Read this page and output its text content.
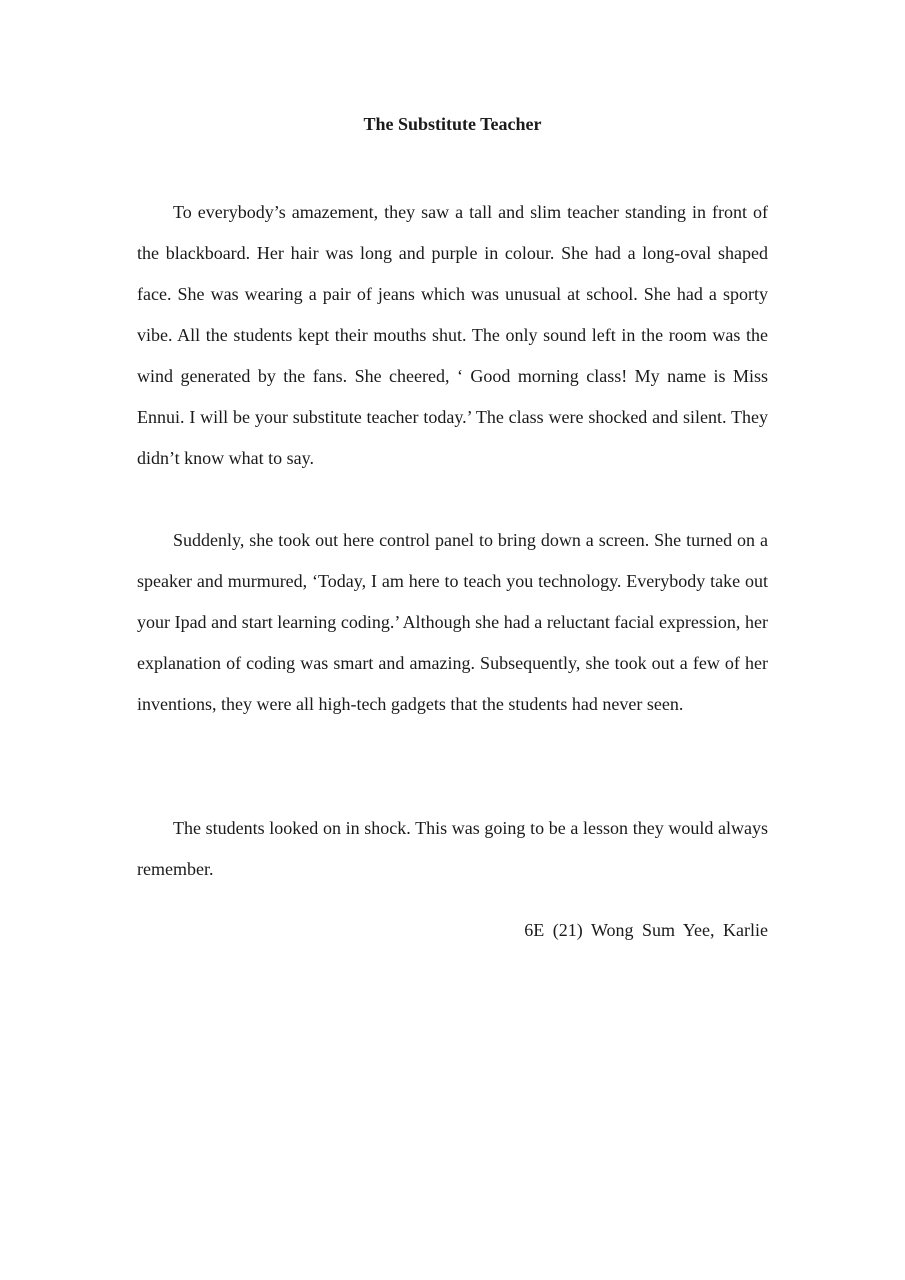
The Substitute Teacher

To everybody’s amazement, they saw a tall and slim teacher standing in front of the blackboard. Her hair was long and purple in colour. She had a long-oval shaped face. She was wearing a pair of jeans which was unusual at school. She had a sporty vibe. All the students kept their mouths shut. The only sound left in the room was the wind generated by the fans. She cheered, ‘ Good morning class! My name is Miss Ennui. I will be your substitute teacher today.’ The class were shocked and silent. They didn’t know what to say.

Suddenly, she took out here control panel to bring down a screen. She turned on a speaker and murmured, ‘Today, I am here to teach you technology. Everybody take out your Ipad and start learning coding.’ Although she had a reluctant facial expression, her explanation of coding was smart and amazing. Subsequently, she took out a few of her inventions, they were all high-tech gadgets that the students had never seen.

The students looked on in shock. This was going to be a lesson they would always remember.

6E (21) Wong Sum Yee, Karlie
